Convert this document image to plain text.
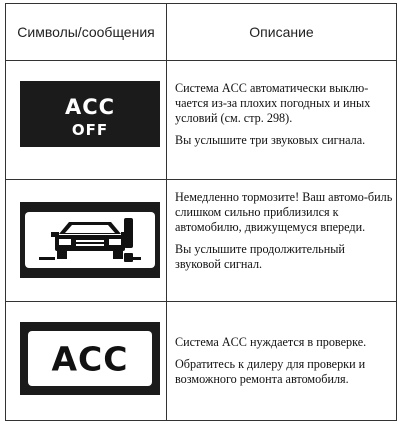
Символы/сообщения	Описание
ACC
OFF

Система ACC автоматически выклю-чается из-за плохих погодных и иных условий (см. стр. 298).

Вы услышите три звуковых сигнала.

Немедленно тормозите! Ваш автомо-биль слишком сильно приблизился к автомобилю, движущемуся впереди.

Вы услышите продолжительный звуковой сигнал.

ACC	Система ACC нуждается в проверке.

Обратитесь к дилеру для проверки и возможного ремонта автомобиля.
